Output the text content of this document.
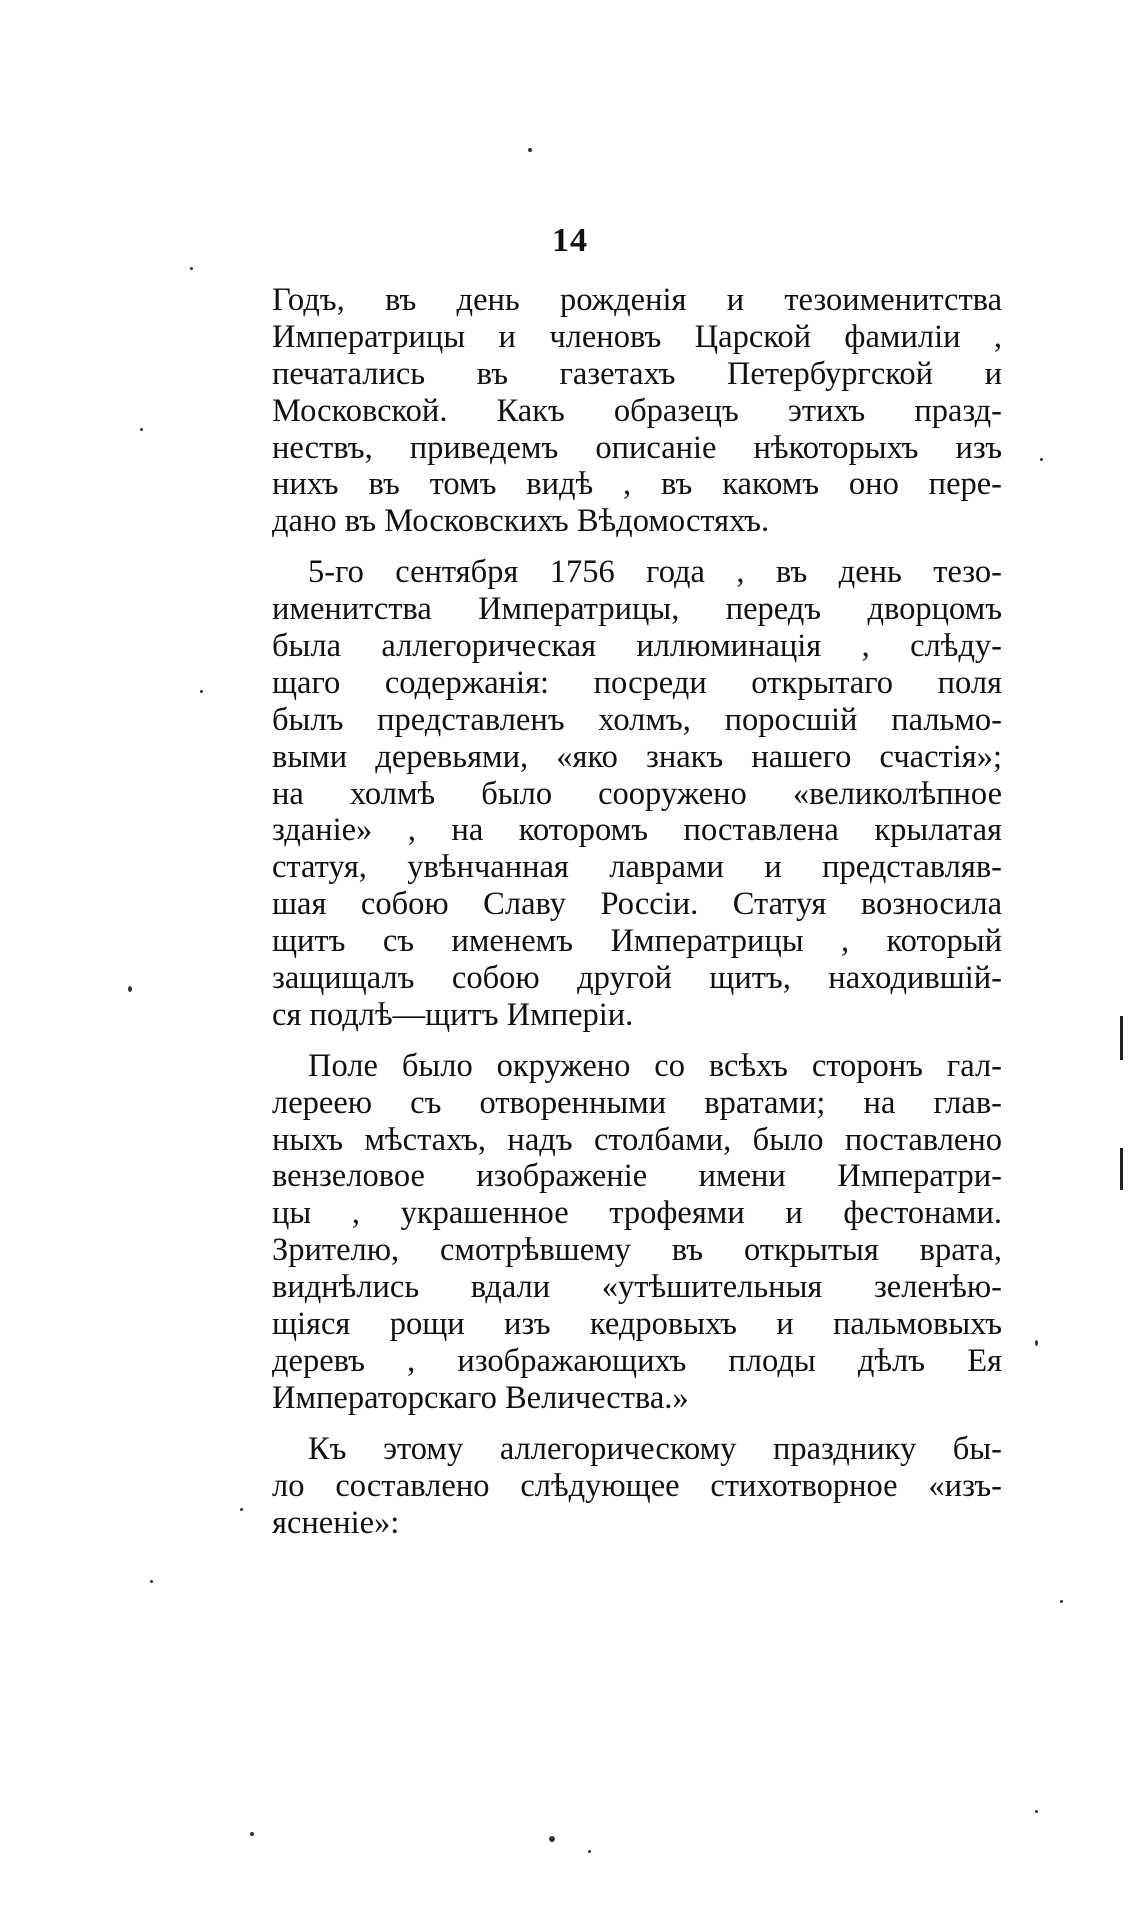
14
Годъ, въ день рожденія и тезоименитства
Императрицы и членовъ Царской фамиліи ,
печатались въ газетахъ Петербургской и
Московской. Какъ образецъ этихъ празд-
нествъ, приведемъ описаніе нѣкоторыхъ изъ
нихъ въ томъ видѣ , въ какомъ оно пере-
дано въ Московскихъ Вѣдомостяхъ.
5-го сентября 1756 года , въ день тезо-
именитства Императрицы, передъ дворцомъ
была аллегорическая иллюминація , слѣду-
щаго содержанія: посреди открытаго поля
былъ представленъ холмъ, поросшій пальмо-
выми деревьями, «яко знакъ нашего счастія»;
на холмѣ было сооружено «великолѣпное
зданіе» , на которомъ поставлена крылатая
статуя, увѣнчанная лаврами и представляв-
шая собою Славу Россіи. Статуя возносила
щитъ съ именемъ Императрицы , который
защищалъ собою другой щитъ, находившій-
ся подлѣ—щитъ Имперіи.
Поле было окружено со всѣхъ сторонъ гал-
лереею съ отворенными вратами; на глав-
ныхъ мѣстахъ, надъ столбами, было поставлено
вензеловое изображеніе имени Императри-
цы , украшенное трофеями и фестонами.
Зрителю, смотрѣвшему въ открытыя врата,
виднѣлись вдали «утѣшительныя зеленѣю-
щіяся рощи изъ кедровыхъ и пальмовыхъ
деревъ , изображающихъ плоды дѣлъ Ея
Императорскаго Величества.»
Къ этому аллегорическому празднику бы-
ло составлено слѣдующее стихотворное «изъ-
ясненіе»:
